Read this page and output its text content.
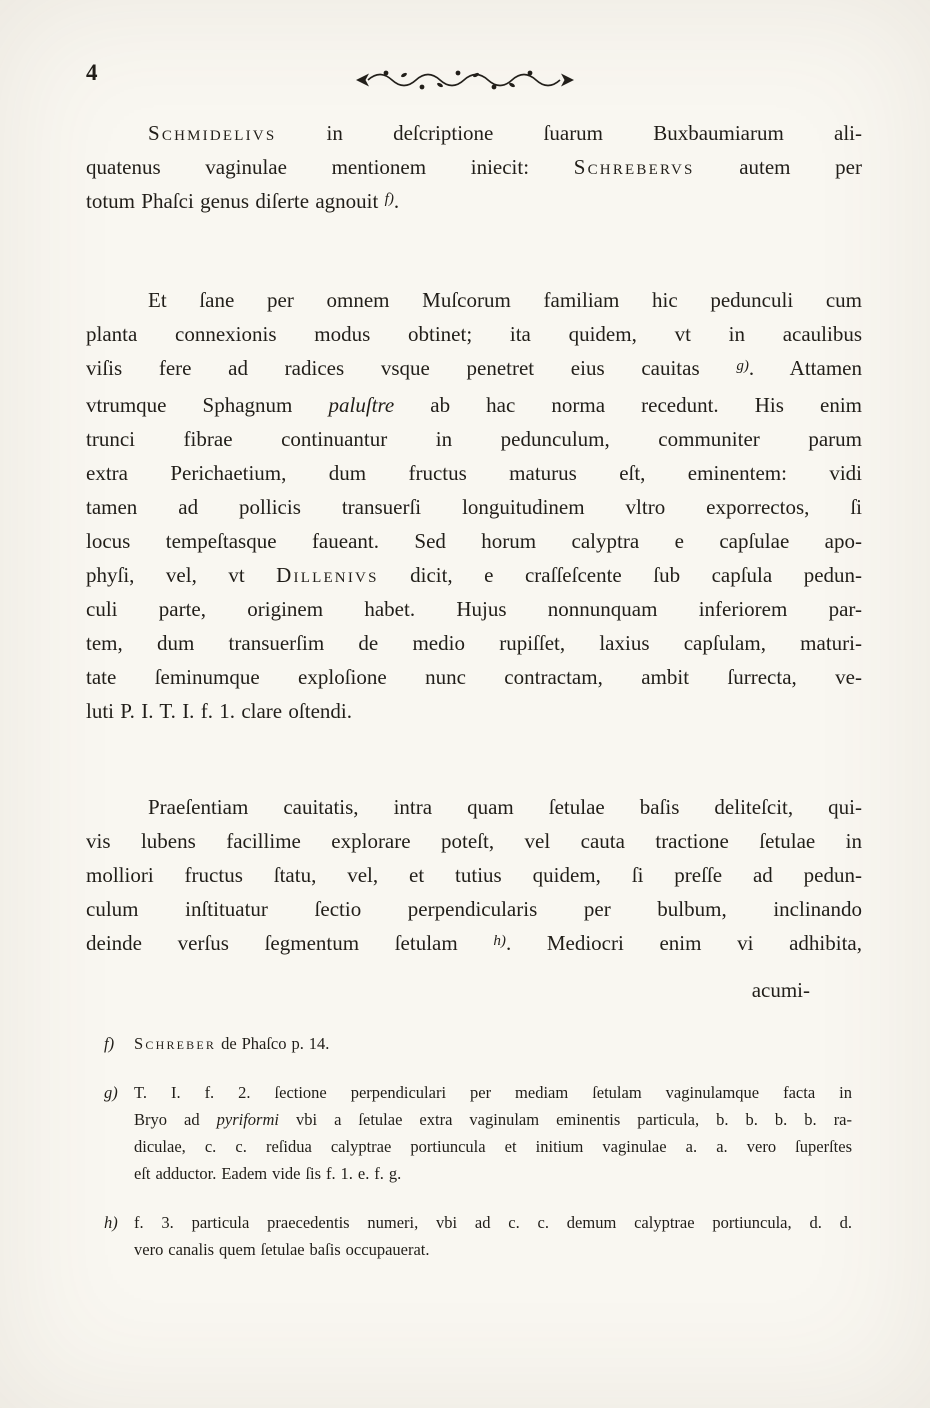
4
Schmidelivs in deſcriptione ſuarum Buxbaumiarum ali-
quatenus vaginulae mentionem iniecit: Schrebervs autem per
totum Phaſci genus diſerte agnouit $^{f)}$.
Et ſane per omnem Muſcorum familiam hic pedunculi cum
planta connexionis modus obtinet; ita quidem, vt in acaulibus
viſis fere ad radices vsque penetret eius cauitas $^{g)}$. Attamen
vtrumque Sphagnum paluſtre ab hac norma recedunt. His enim
trunci fibrae continuantur in pedunculum, communiter parum
extra Perichaetium, dum fructus maturus eſt, eminentem: vidi
tamen ad pollicis transuerſi longuitudinem vltro exporrectos, ſi
locus tempeſtasque faueant. Sed horum calyptra e capſulae apo-
phyſi, vel, vt Dillenivs dicit, e craſſeſcente ſub capſula pedun-
culi parte, originem habet. Hujus nonnunquam inferiorem par-
tem, dum transuerſim de medio rupiſſet, laxius capſulam, maturi-
tate ſeminumque exploſione nunc contractam, ambit ſurrecta, ve-
luti P. I. T. I. f. 1. clare oſtendi.
Praeſentiam cauitatis, intra quam ſetulae baſis deliteſcit, qui-
vis lubens facillime explorare poteſt, vel cauta tractione ſetulae in
molliori fructus ſtatu, vel, et tutius quidem, ſi preſſe ad pedun-
culum inſtituatur ſectio perpendicularis per bulbum, inclinando
deinde verſus ſegmentum ſetulam $^{h)}$. Mediocri enim vi adhibita,
acumi-
f) Schreber de Phaſco p. 14.
g) T. I. f. 2. ſectione perpendiculari per mediam ſetulam vaginulamque facta in
Bryo ad pyriformi vbi a ſetulae extra vaginulam eminentis particula, b. b. b. b. ra-
diculae, c. c. reſidua calyptrae portiuncula et initium vaginulae a. a. vero ſuperſtes
eſt adductor. Eadem vide ſis f. 1. e. f. g.
h) f. 3. particula praecedentis numeri, vbi ad c. c. demum calyptrae portiuncula, d. d.
vero canalis quem ſetulae baſis occupauerat.
